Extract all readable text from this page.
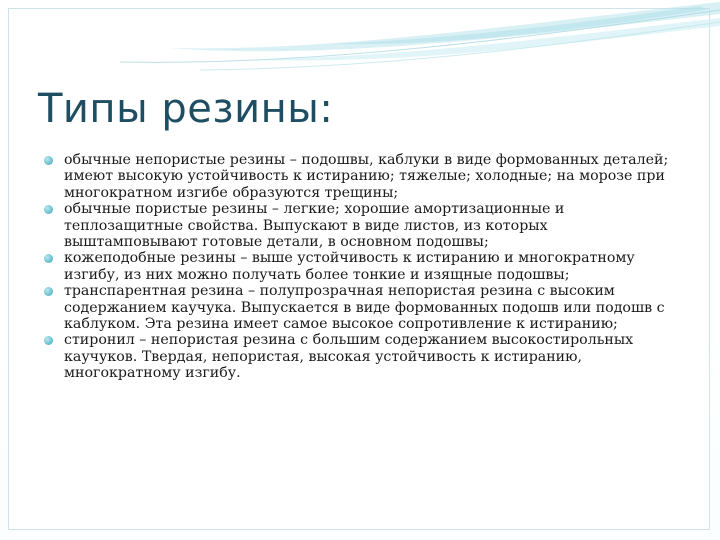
Типы резины:
обычные непористые резины – подошвы, каблуки в виде формованных деталей; имеют высокую устойчивость к истиранию; тяжелые; холодные; на морозе при многократном изгибе образуются трещины;
обычные пористые резины – легкие; хорошие амортизационные и теплозащитные свойства. Выпускают в виде листов, из которых выштамповывают готовые детали, в основном подошвы;
кожеподобные резины – выше устойчивость к истиранию и многократному изгибу, из них можно получать более тонкие и изящные подошвы;
транспарентная резина – полупрозрачная непористая резина с высоким содержанием каучука. Выпускается в виде формованных подошв или подошв с каблуком. Эта резина имеет самое высокое сопротивление к истиранию;
стиронил – непористая резина с большим содержанием высокостирольных каучуков. Твердая, непористая, высокая устойчивость к истиранию, многократному изгибу.
